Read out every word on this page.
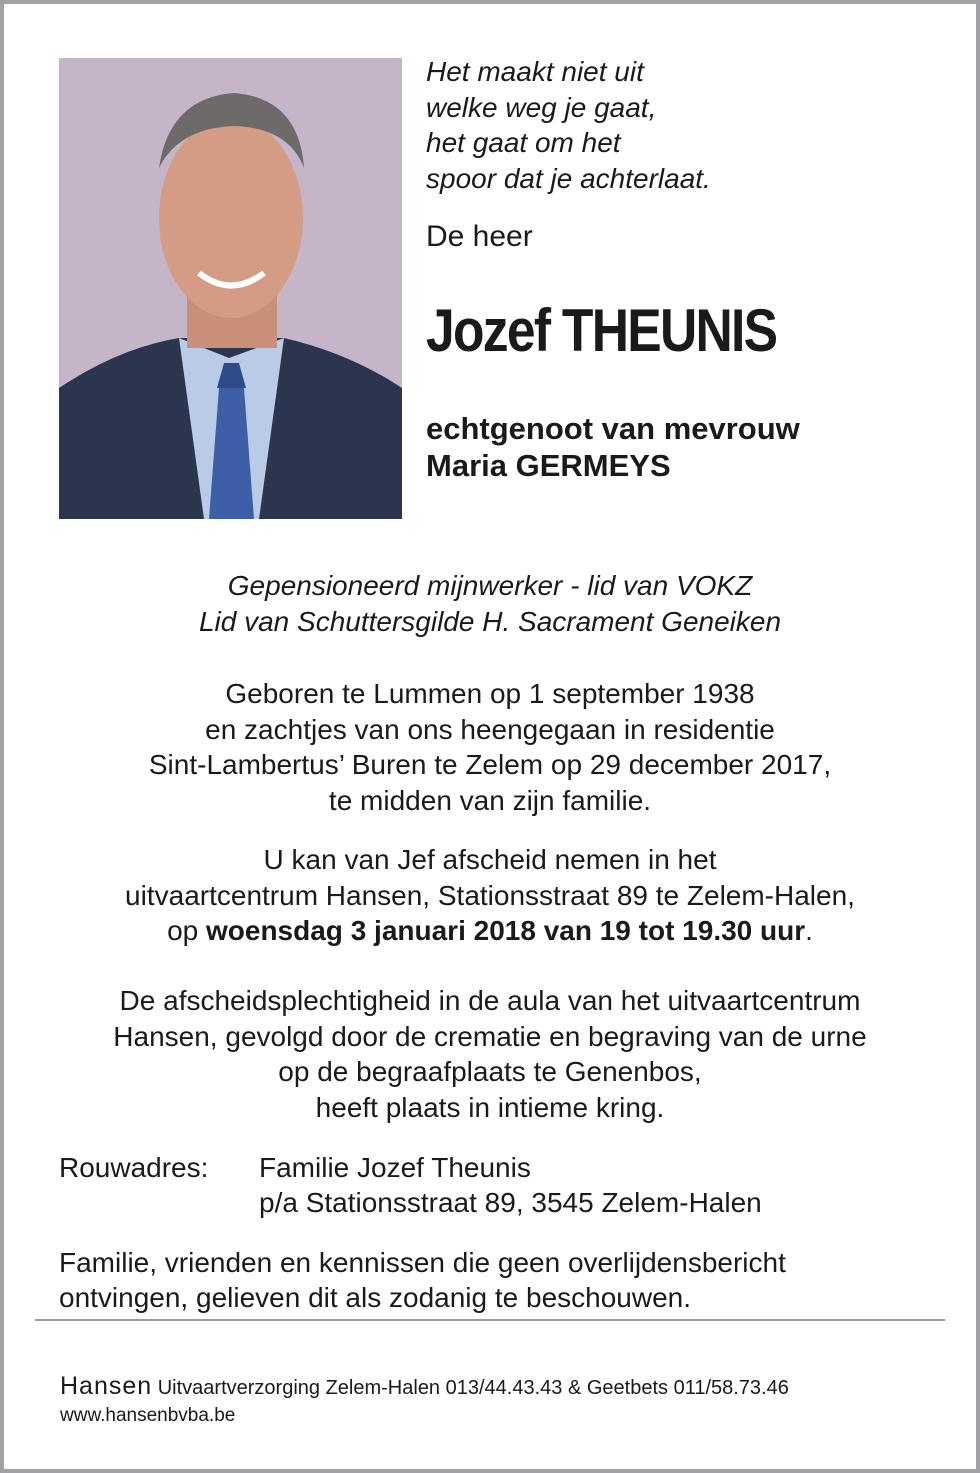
Het maakt niet uit
welke weg je gaat,
het gaat om het
spoor dat je achterlaat.
De heer
Jozef THEUNIS
echtgenoot van mevrouw
Maria GERMEYS
Gepensioneerd mijnwerker - lid van VOKZ
Lid van Schuttersgilde H. Sacrament Geneiken
Geboren te Lummen op 1 september 1938
en zachtjes van ons heengegaan in residentie
Sint-Lambertus’ Buren te Zelem op 29 december 2017,
te midden van zijn familie.
U kan van Jef afscheid nemen in het
uitvaartcentrum Hansen, Stationsstraat 89 te Zelem-Halen,
op woensdag 3 januari 2018 van 19 tot 19.30 uur.
De afscheidsplechtigheid in de aula van het uitvaartcentrum
Hansen, gevolgd door de crematie en begraving van de urne
op de begraafplaats te Genenbos,
heeft plaats in intieme kring.
Rouwadres: Familie Jozef Theunis
p/a Stationsstraat 89, 3545 Zelem-Halen
Familie, vrienden en kennissen die geen overlijdensbericht
ontvingen, gelieven dit als zodanig te beschouwen.
Hansen Uitvaartverzorging Zelem-Halen 013/44.43.43 & Geetbets 011/58.73.46
www.hansenbvba.be
